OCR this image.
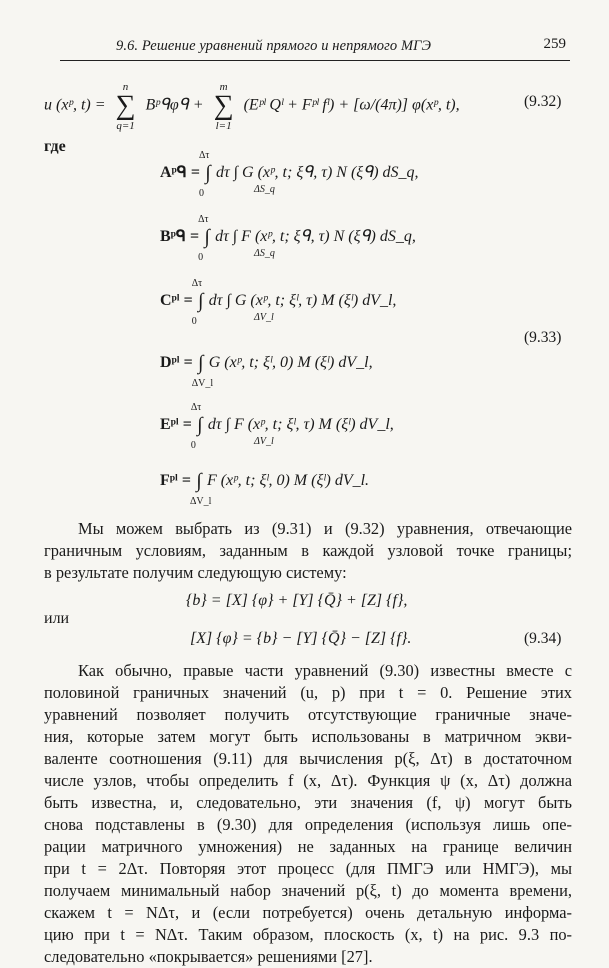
9.6. Решение уравнений прямого и непрямого МГЭ	259
u (xᵖ, t) = ∑
n
q=1
Bᵖᑫφᑫ + ∑
m
l=1
(Eᵖˡ Qˡ + Fᵖˡ fˡ) + [ω/(4π)] φ(xᵖ, t),	(9.32)
где
Aᵖᑫ = ∫
Δτ
0
dτ ∫ G (xᵖ, t; ξᑫ, τ) N (ξᑫ) dS_q,
ΔS_q
Bᵖᑫ = ∫
Δτ
0
dτ ∫ F (xᵖ, t; ξᑫ, τ) N (ξᑫ) dS_q,
ΔS_q
Cᵖˡ = ∫
Δτ
0
dτ ∫ G (xᵖ, t; ξˡ, τ) M (ξˡ) dV_l,
ΔV_l
Dᵖˡ = ∫
ΔV_l
G (xᵖ, t; ξˡ, 0) M (ξˡ) dV_l,
Eᵖˡ = ∫
Δτ
0
dτ ∫ F (xᵖ, t; ξˡ, τ) M (ξˡ) dV_l,
ΔV_l
Fᵖˡ = ∫
ΔV_l
F (xᵖ, t; ξˡ, 0) M (ξˡ) dV_l.
(9.33)
Мы можем выбрать из (9.31) и (9.32) уравнения, отвечающие
граничным условиям, заданным в каждой узловой точке границы;
в результате получим следующую систему:
{b} = [X] {φ} + [Y] {Q̄} + [Z] {f},
или
[X] {φ} = {b} − [Y] {Q̄} − [Z] {f}.	(9.34)
Как обычно, правые части уравнений (9.30) известны вместе с
половиной граничных значений (u, p) при t = 0. Решение этих
уравнений позволяет получить отсутствующие граничные значе-
ния, которые затем могут быть использованы в матричном экви-
валенте соотношения (9.11) для вычисления p(ξ, Δτ) в достаточном
числе узлов, чтобы определить f (x, Δτ). Функция ψ (x, Δτ) должна
быть известна, и, следовательно, эти значения (f, ψ) могут быть
снова подставлены в (9.30) для определения (используя лишь опе-
рации матричного умножения) не заданных на границе величин
при t = 2Δτ. Повторяя этот процесс (для ПМГЭ или НМГЭ), мы
получаем минимальный набор значений p(ξ, t) до момента времени,
скажем t = NΔτ, и (если потребуется) очень детальную информа-
цию при t = NΔτ. Таким образом, плоскость (x, t) на рис. 9.3 по-
следовательно «покрывается» решениями [27].
